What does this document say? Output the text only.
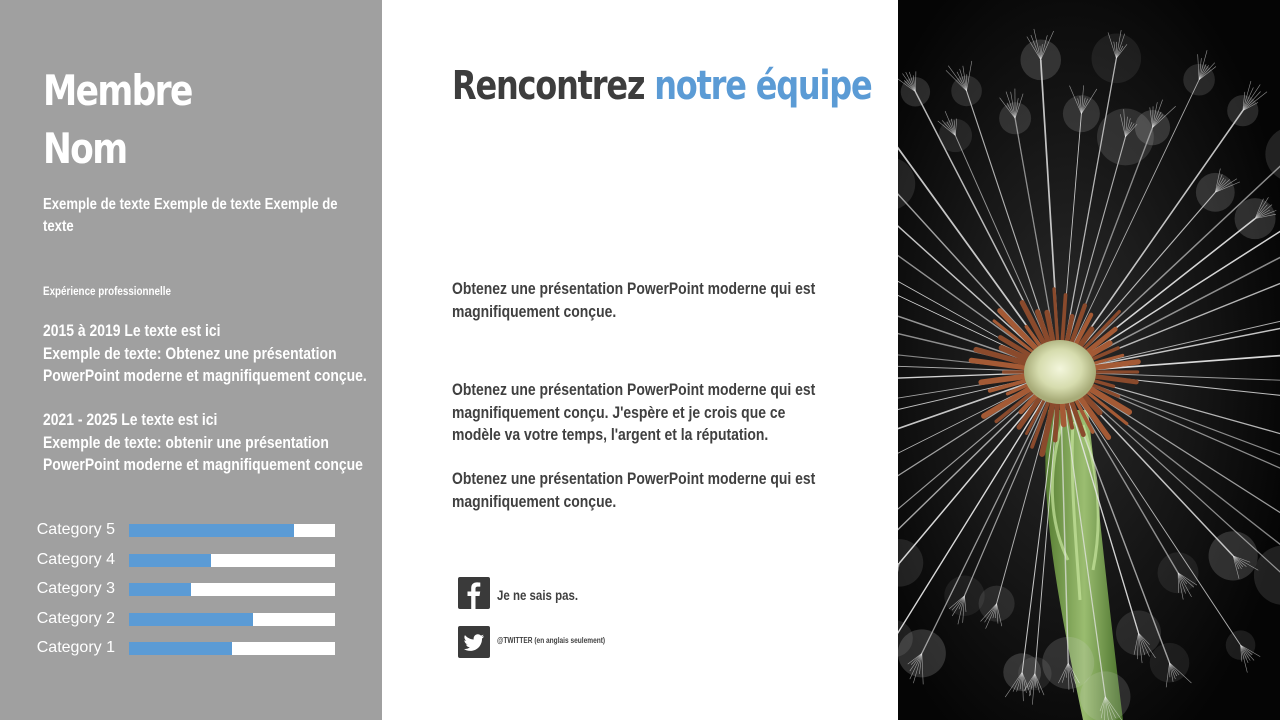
Membre
Nom
Exemple de texte Exemple de texte Exemple de
texte
Expérience professionnelle
2015 à 2019 Le texte est ici
Exemple de texte: Obtenez une présentation
PowerPoint moderne et magnifiquement conçue.
2021 - 2025 Le texte est ici
Exemple de texte: obtenir une présentation
PowerPoint moderne et magnifiquement conçue
Category 5
Category 4
Category 3
Category 2
Category 1
Rencontrez notre équipe
Obtenez une présentation PowerPoint moderne qui est
magnifiquement conçue.
Obtenez une présentation PowerPoint moderne qui est
magnifiquement conçu. J'espère et je crois que ce
modèle va votre temps, l'argent et la réputation.
Obtenez une présentation PowerPoint moderne qui est
magnifiquement conçue.
Je ne sais pas.
@TWITTER (en anglais seulement)
